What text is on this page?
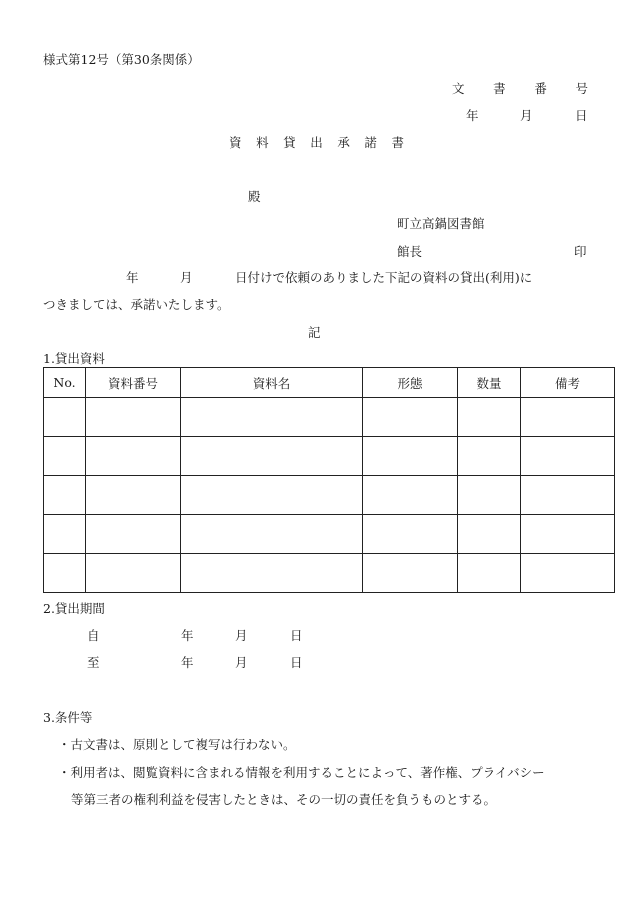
様式第12号（第30条関係）
文 書 番 号
年	月	日
資 料 貸 出 承 諾 書
殿
町立高鍋図書館
館長	印
年	月	日付けで依頼のありました下記の資料の貸出(利用)に
つきましては、承諾いたします。
記
1.貸出資料
No.	資料番号	資料名	形態	数量	備考

2.貸出期間
自	年	月	日
至	年	月	日
3.条件等
・古文書は、原則として複写は行わない。
・利用者は、閲覧資料に含まれる情報を利用することによって、著作権、プライバシー
等第三者の権利利益を侵害したときは、その一切の責任を負うものとする。
